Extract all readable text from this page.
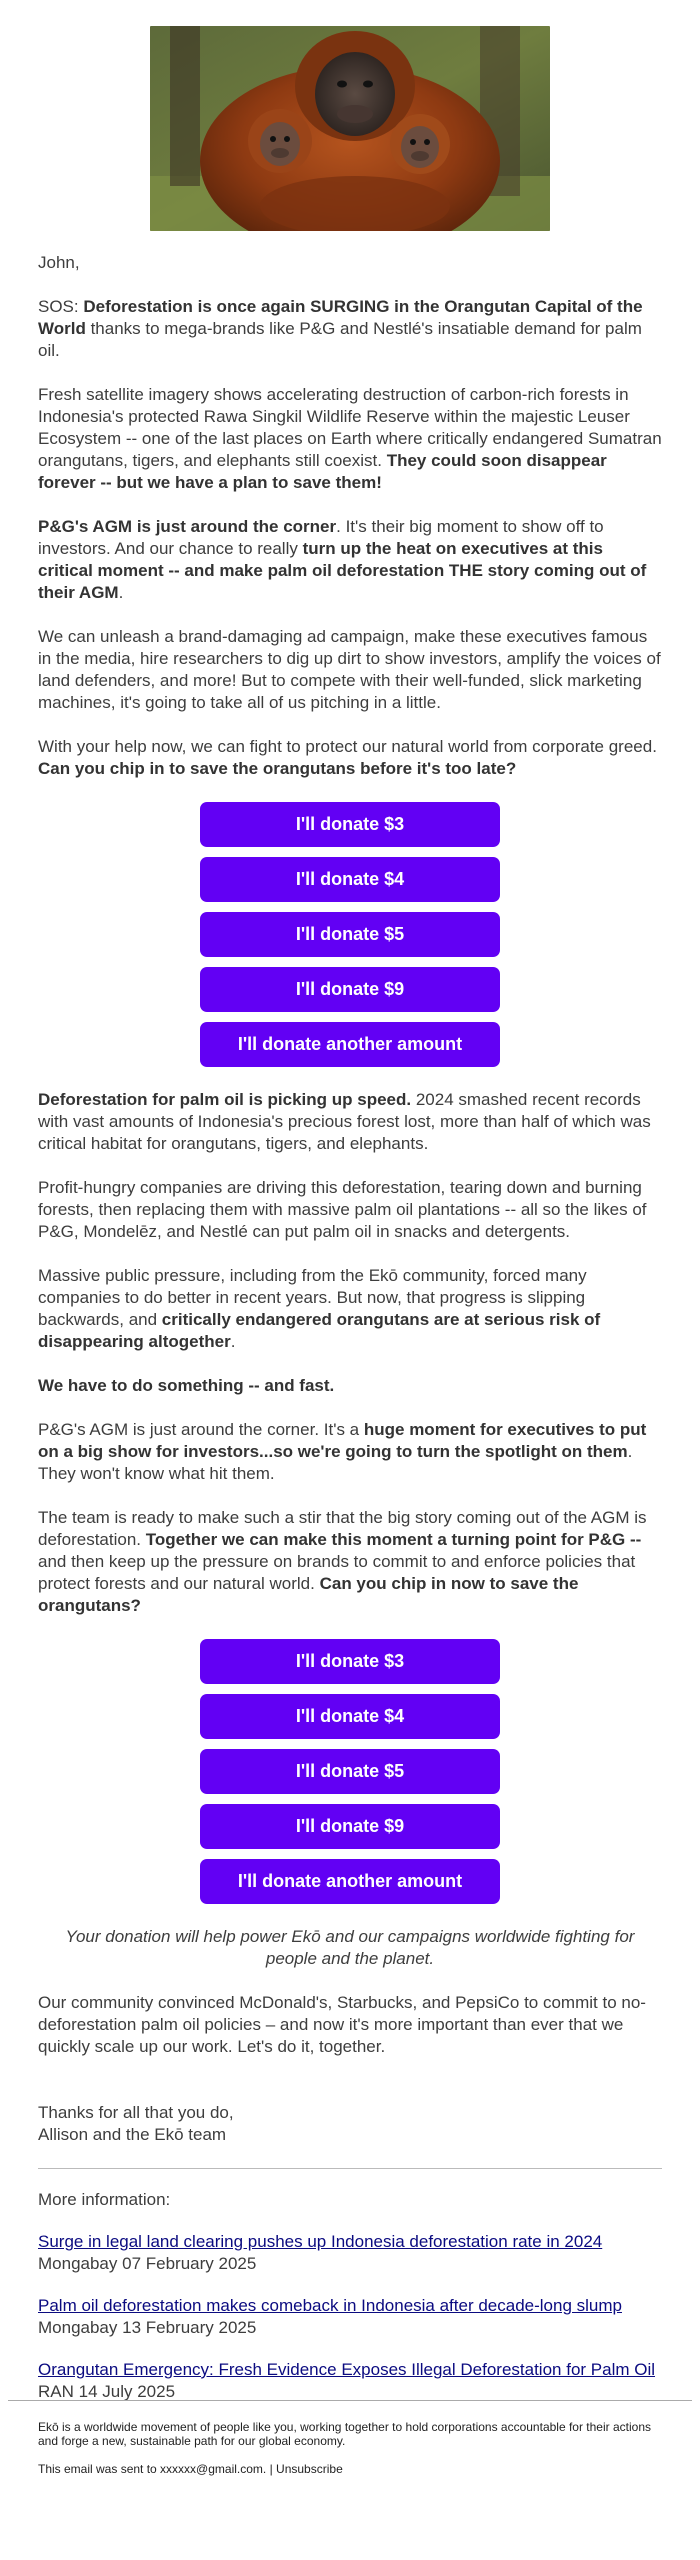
John,

SOS: Deforestation is once again SURGING in the Orangutan Capital of the World thanks to mega-brands like P&G and Nestlé's insatiable demand for palm oil.

Fresh satellite imagery shows accelerating destruction of carbon-rich forests in Indonesia's protected Rawa Singkil Wildlife Reserve within the majestic Leuser Ecosystem -- one of the last places on Earth where critically endangered Sumatran orangutans, tigers, and elephants still coexist. They could soon disappear forever -- but we have a plan to save them!

P&G's AGM is just around the corner. It's their big moment to show off to investors. And our chance to really turn up the heat on executives at this critical moment -- and make palm oil deforestation THE story coming out of their AGM.

We can unleash a brand-damaging ad campaign, make these executives famous in the media, hire researchers to dig up dirt to show investors, amplify the voices of land defenders, and more! But to compete with their well-funded, slick marketing machines, it's going to take all of us pitching in a little.

With your help now, we can fight to protect our natural world from corporate greed. Can you chip in to save the orangutans before it's too late?

I'll donate $3
I'll donate $4
I'll donate $5
I'll donate $9
I'll donate another amount

Deforestation for palm oil is picking up speed. 2024 smashed recent records with vast amounts of Indonesia's precious forest lost, more than half of which was critical habitat for orangutans, tigers, and elephants.

Profit-hungry companies are driving this deforestation, tearing down and burning forests, then replacing them with massive palm oil plantations -- all so the likes of P&G, Mondelēz, and Nestlé can put palm oil in snacks and detergents.

Massive public pressure, including from the Ekō community, forced many companies to do better in recent years. But now, that progress is slipping backwards, and critically endangered orangutans are at serious risk of disappearing altogether.

We have to do something -- and fast.

P&G's AGM is just around the corner. It's a huge moment for executives to put on a big show for investors...so we're going to turn the spotlight on them. They won't know what hit them.

The team is ready to make such a stir that the big story coming out of the AGM is deforestation. Together we can make this moment a turning point for P&G -- and then keep up the pressure on brands to commit to and enforce policies that protect forests and our natural world. Can you chip in now to save the orangutans?

I'll donate $3
I'll donate $4
I'll donate $5
I'll donate $9
I'll donate another amount

Your donation will help power Ekō and our campaigns worldwide fighting for people and the planet.

Our community convinced McDonald's, Starbucks, and PepsiCo to commit to no-deforestation palm oil policies – and now it's more important than ever that we quickly scale up our work. Let's do it, together.

Thanks for all that you do,
Allison and the Ekō team

More information:

Surge in legal land clearing pushes up Indonesia deforestation rate in 2024
Mongabay 07 February 2025

Palm oil deforestation makes comeback in Indonesia after decade-long slump
Mongabay 13 February 2025

Orangutan Emergency: Fresh Evidence Exposes Illegal Deforestation for Palm Oil RAN 14 July 2025

Ekō is a worldwide movement of people like you, working together to hold corporations accountable for their actions and forge a new, sustainable path for our global economy.

This email was sent to xxxxxx@gmail.com. | Unsubscribe
